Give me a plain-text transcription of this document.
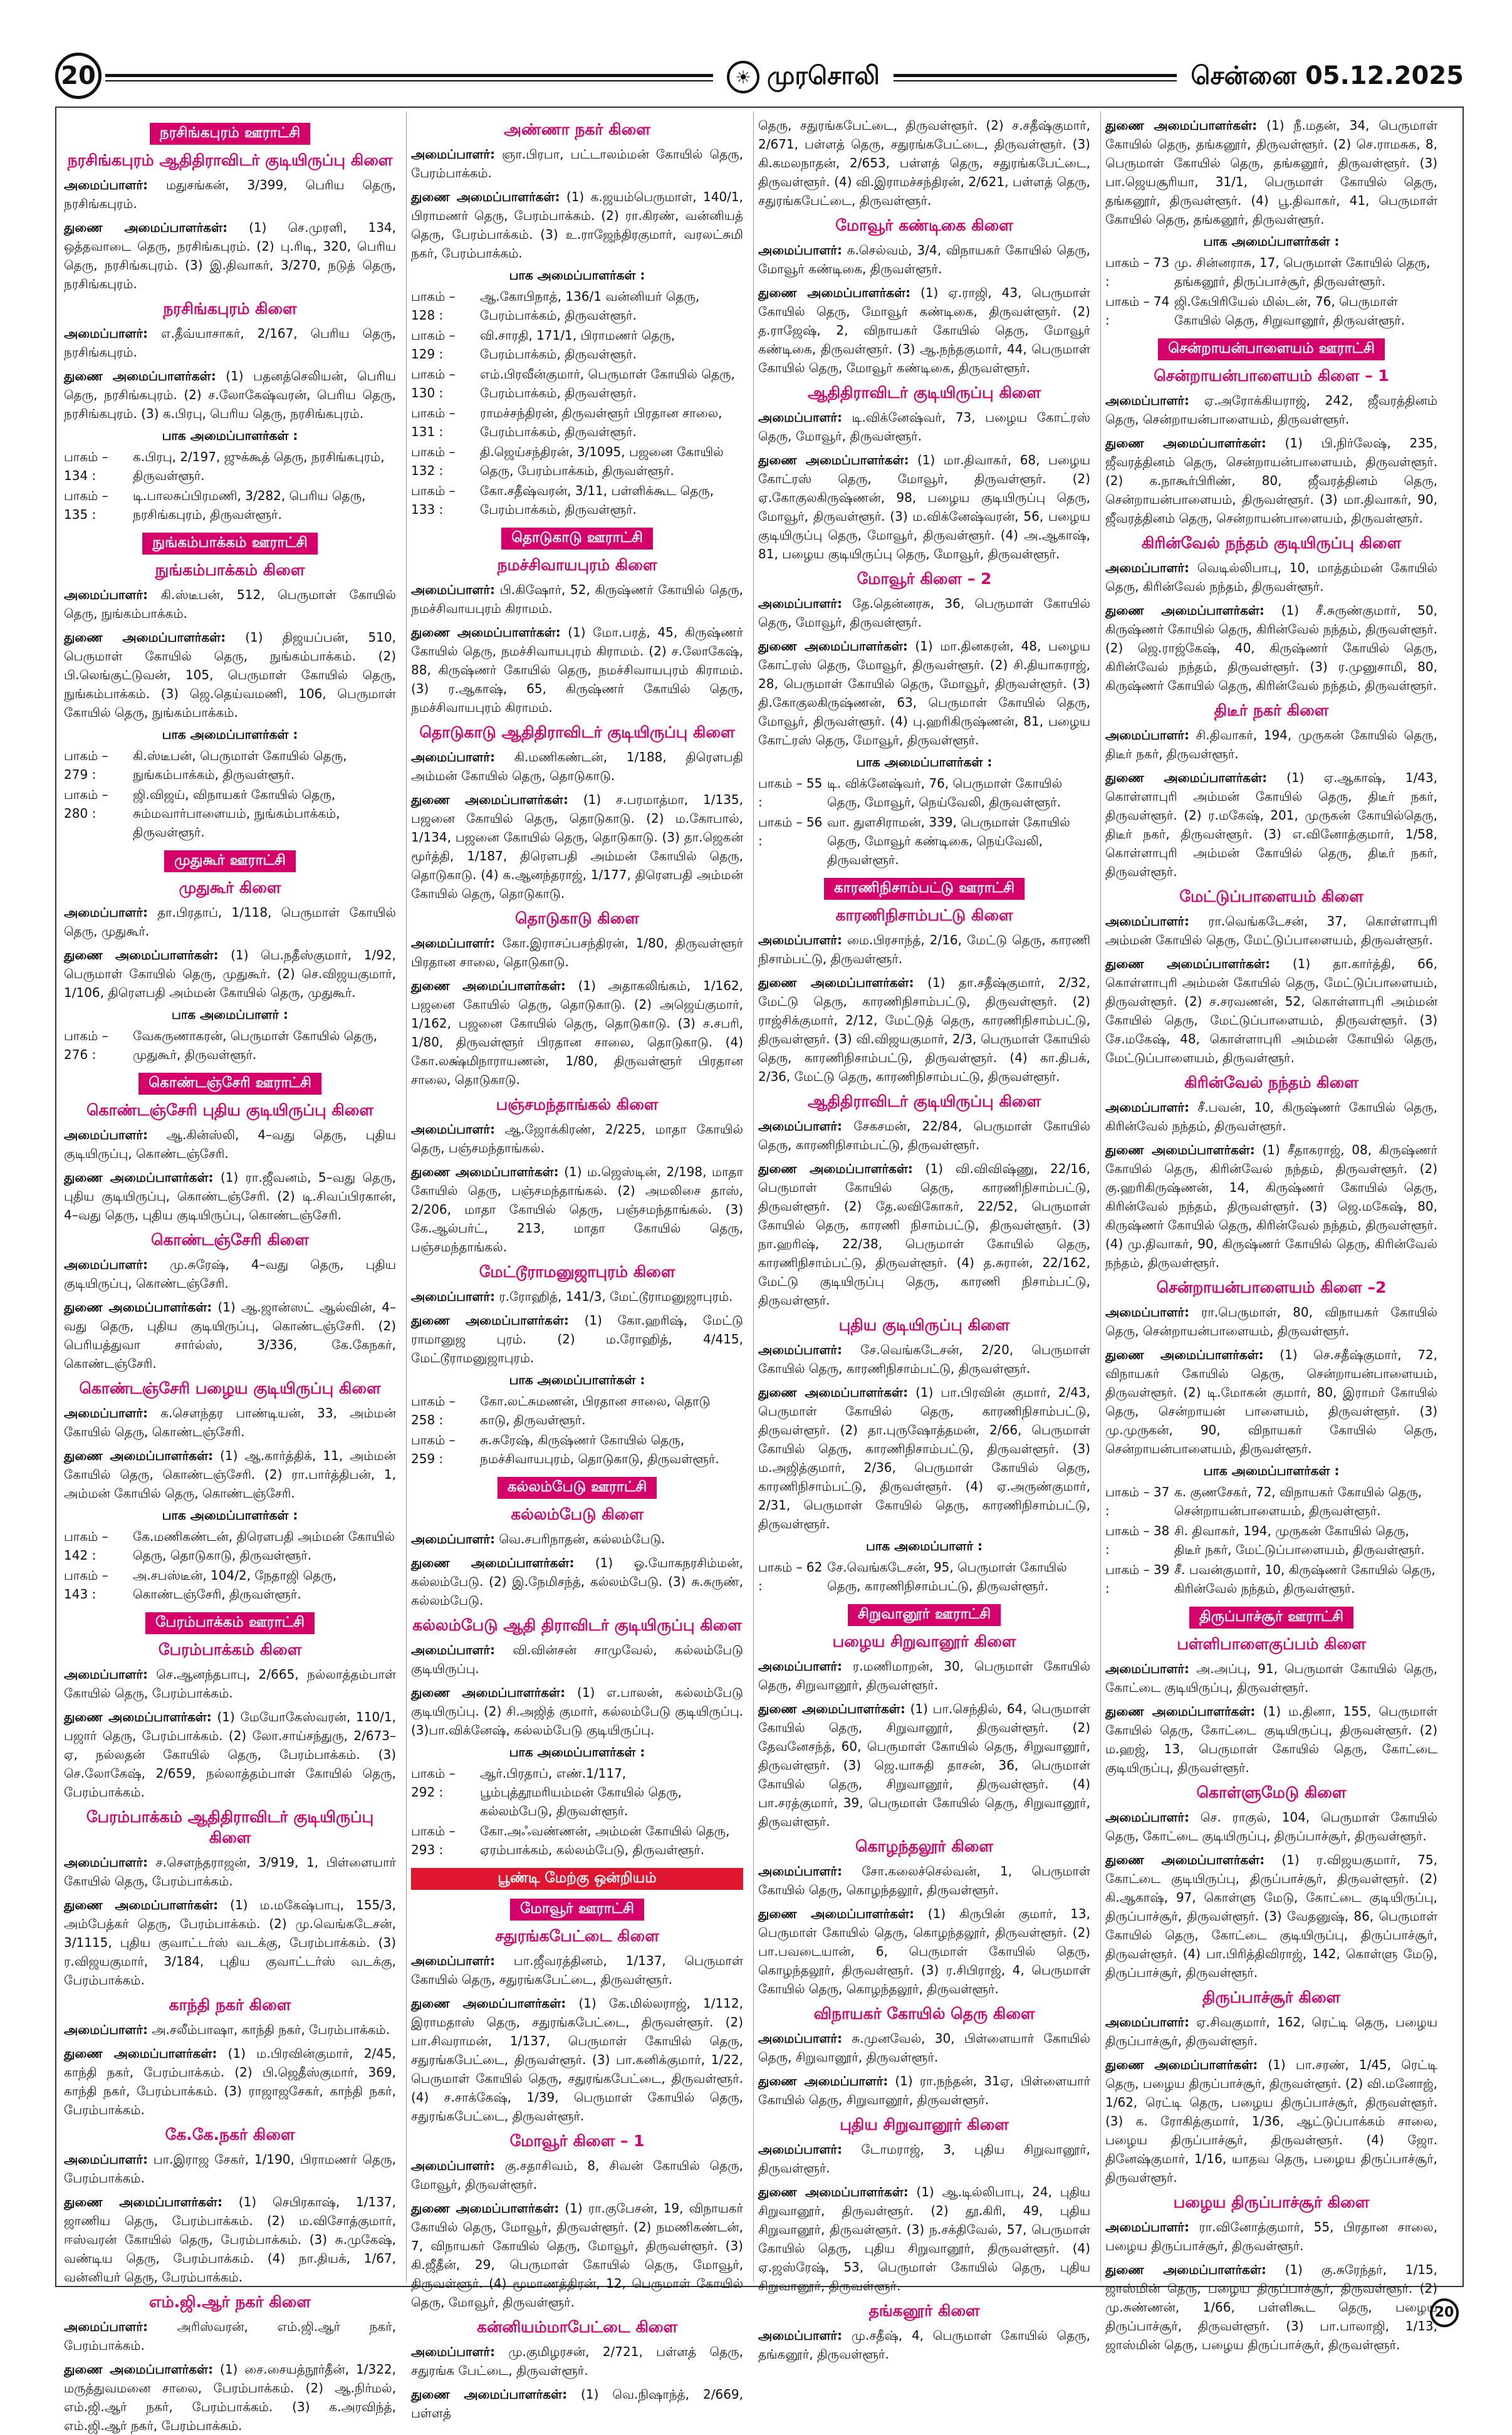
20	☀ முரசொலி	சென்னை 05.12.2025
நரசிங்கபுரம் ஊராட்சி
நரசிங்கபுரம் ஆதிதிராவிடர் குடியிருப்பு கிளை

அமைப்பாளர்: மதுசங்கன், 3/399, பெரிய தெரு, நரசிங்கபுரம்.

துணை அமைப்பாளர்கள்: (1) செ.முரளி, 134, ஒத்தவாடை தெரு, நரசிங்கபுரம். (2) பு.ரிடி, 320, பெரிய தெரு, நரசிங்கபுரம். (3) இ.திவாகர், 3/270, நடுத் தெரு, நரசிங்கபுரம்.

நரசிங்கபுரம் கிளை

அமைப்பாளர்: எ.தீவ்யாசாகர், 2/167, பெரிய தெரு, நரசிங்கபுரம்.

துணை அமைப்பாளர்கள்: (1) பதனத்செலியன், பெரிய தெரு, நரசிங்கபுரம். (2) ச.லோகேஷ்வரன், பெரிய தெரு, நரசிங்கபுரம். (3) க.பிரபு, பெரிய தெரு, நரசிங்கபுரம்.

பாக அமைப்பாளர்கள் :
பாகம் – 134 :
க.பிரபு, 2/197, ஜுக்கூத் தெரு, நரசிங்கபுரம், திருவள்ளூர்.
பாகம் – 135 :
டி.பாலசுப்பிரமணி, 3/282, பெரிய தெரு, நரசிங்கபுரம், திருவள்ளூர்.
நுங்கம்பாக்கம் ஊராட்சி
நுங்கம்பாக்கம் கிளை

அமைப்பாளர்: கி.ஸ்டீபன், 512, பெருமாள் கோயில் தெரு, நுங்கம்பாக்கம்.

துணை அமைப்பாளர்கள்: (1) திஜயப்பன், 510, பெருமாள் கோயில் தெரு, நுங்கம்பாக்கம். (2) பி.லெங்குட்டுவன், 105, பெருமாள் கோயில் தெரு, நுங்கம்பாக்கம். (3) ஜெ.தெய்வமணி, 106, பெருமாள் கோயில் தெரு, நுங்கம்பாக்கம்.

பாக அமைப்பாளர்கள் :
பாகம் – 279 :
கி.ஸ்டீபன், பெருமாள் கோயில் தெரு, நுங்கம்பாக்கம், திருவள்ளூர்.
பாகம் – 280 :
ஜி.விஜய், விநாயகர் கோயில் தெரு, சும்மவார்பாளையம், நுங்கம்பாக்கம், திருவள்ளூர்.
முதுகூர் ஊராட்சி
முதுகூர் கிளை

அமைப்பாளர்: தா.பிரதாப், 1/118, பெருமாள் கோயில் தெரு, முதுகூர்.

துணை அமைப்பாளர்கள்: (1) பெ.நதீஸ்குமார், 1/92, பெருமாள் கோயில் தெரு, முதுகூர். (2) செ.விஜயகுமார், 1/106, திரௌபதி அம்மன் கோயில் தெரு, முதுகூர்.

பாக அமைப்பாளர் :
பாகம் – 276 :
வேகருணாகரன், பெருமாள் கோயில் தெரு, முதுகூர், திருவள்ளூர்.
கொண்டஞ்சேரி ஊராட்சி
கொண்டஞ்சேரி புதிய குடியிருப்பு கிளை

அமைப்பாளர்: ஆ.கின்ஸ்லி, 4–வது தெரு, புதிய குடியிருப்பு, கொண்டஞ்சேரி.

துணை அமைப்பாளர்கள்: (1) ரா.ஜீவனம், 5–வது தெரு, புதிய குடியிருப்பு, கொண்டஞ்சேரி. (2) டி.சிவப்பிரகான், 4–வது தெரு, புதிய குடியிருப்பு, கொண்டஞ்சேரி.

கொண்டஞ்சேரி கிளை

அமைப்பாளர்: மு.சுரேஷ், 4–வது தெரு, புதிய குடியிருப்பு, கொண்டஞ்சேரி.

துணை அமைப்பாளர்கள்: (1) ஆ.ஜான்ஸட் ஆல்வின், 4–வது தெரு, புதிய குடியிருப்பு, கொண்டஞ்சேரி. (2) பெரியத்துவா சார்ல்ஸ், 3/336, கே.கேநகர், கொண்டஞ்சேரி.

கொண்டஞ்சேரி பழைய குடியிருப்பு கிளை

அமைப்பாளர்: க.சௌந்தர பாண்டியன், 33, அம்மன் கோயில் தெரு, கொண்டஞ்சேரி.

துணை அமைப்பாளர்கள்: (1) ஆ.கார்த்திக், 11, அம்மன் கோயில் தெரு, கொண்டஞ்சேரி. (2) ரா.பார்த்திபன், 1, அம்மன் கோயில் தெரு, கொண்டஞ்சேரி.

பாக அமைப்பாளர்கள் :
பாகம் – 142 :
கே.மணிகண்டன், திரௌபதி அம்மன் கோயில் தெரு, தொடுகாடு, திருவள்ளூர்.
பாகம் – 143 :
அ.சபஸ்டீன், 104/2, நேதாஜி தெரு, கொண்டஞ்சேரி, திருவள்ளூர்.
பேரம்பாக்கம் ஊராட்சி
பேரம்பாக்கம் கிளை

அமைப்பாளர்: செ.ஆனந்தபாபு, 2/665, நல்லாத்தம்பாள் கோயில் தெரு, பேரம்பாக்கம்.

துணை அமைப்பாளர்கள்: (1) மேயோகேஸ்வரன், 110/1, பஜார் தெரு, பேரம்பாக்கம். (2) லோ.சாய்சந்துரு, 2/673–ஏ, நல்லதன் கோயில் தெரு, பேரம்பாக்கம். (3) செ.லோகேஷ், 2/659, நல்லாத்தம்பாள் கோயில் தெரு, பேரம்பாக்கம்.

பேரம்பாக்கம் ஆதிதிராவிடர் குடியிருப்பு கிளை

அமைப்பாளர்: ச.சௌந்தராஜன், 3/919, 1, பிள்ளையார் கோயில் தெரு, பேரம்பாக்கம்.

துணை அமைப்பாளர்கள்: (1) ம.மகேஷ்பாபு, 155/3, அம்பேத்கர் தெரு, பேரம்பாக்கம். (2) மு.வெங்கடேசன், 3/1115, புதிய குவாட்டர்ஸ் வடக்கு, பேரம்பாக்கம். (3) ர.விஜயகுமார், 3/184, புதிய குவாட்டர்ஸ் வடக்கு, பேரம்பாக்கம்.

காந்தி நகர் கிளை

அமைப்பாளர்: அ.சலீம்பாஷா, காந்தி நகர், பேரம்பாக்கம்.

துணை அமைப்பாளர்கள்: (1) ம.பிரவின்குமார், 2/45, காந்தி நகர், பேரம்பாக்கம். (2) பி.ஜெதீஸ்குமார், 369, காந்தி நகர், பேரம்பாக்கம். (3) ராஜாஜசேகர், காந்தி நகர், பேரம்பாக்கம்.

கே.கே.நகர் கிளை

அமைப்பாளர்: பா.இராஜ சேகர், 1/190, பிராமணர் தெரு, பேரம்பாக்கம்.

துணை அமைப்பாளர்கள்: (1) செபிரகாஷ், 1/137, ஜாணிய தெரு, பேரம்பாக்கம். (2) ம.விசோத்குமார், ஈஸ்வரன் கோயில் தெரு, பேரம்பாக்கம். (3) சு.முகேஷ், வண்டிய தெரு, பேரம்பாக்கம். (4) நா.தியக், 1/67, வன்னியர் தெரு, பேரம்பாக்கம்.

எம்.ஜி.ஆர் நகர் கிளை

அமைப்பாளர்: அரிஸ்வரன், எம்.ஜி.ஆர் நகர், பேரம்பாக்கம்.

துணை அமைப்பாளர்கள்: (1) சை.சையத்நூர்தீன், 1/322, மருத்துவமனை சாலை, பேரம்பாக்கம். (2) ஆ.நிர்மல், எம்.ஜி.ஆர் நகர், பேரம்பாக்கம். (3) க.அரவிந்த், எம்.ஜி.ஆர் நகர், பேரம்பாக்கம்.

அண்ணா நகர் கிளை

அமைப்பாளர்: ஞா.பிரபா, பட்டாலம்மன் கோயில் தெரு, பேரம்பாக்கம்.

துணை அமைப்பாளர்கள்: (1) க.ஜயம்பெருமாள், 140/1, பிராமணர் தெரு, பேரம்பாக்கம். (2) ரா.கிரண், வன்னியத் தெரு, பேரம்பாக்கம். (3) உ.ராஜேந்திரகுமார், வரலட்சுமி நகர், பேரம்பாக்கம்.

பாக அமைப்பாளர்கள் :
பாகம் – 128 :
ஆ.கோபிநாத், 136/1 வன்னியர் தெரு, பேரம்பாக்கம், திருவள்ளூர்.
பாகம் – 129 :
வி.சாரதி, 171/1, பிராமணர் தெரு, பேரம்பாக்கம், திருவள்ளூர்.
பாகம் – 130 :
எம்.பிரவீன்குமார், பெருமாள் கோயில் தெரு, பேரம்பாக்கம், திருவள்ளூர்.
பாகம் – 131 :
ராமச்சந்திரன், திருவள்ளூர் பிரதான சாலை, பேரம்பாக்கம், திருவள்ளூர்.
பாகம் – 132 :
தி.ஜெய்சந்திரன், 3/1095, பஜனை கோயில் தெரு, பேரம்பாக்கம், திருவள்ளூர்.
பாகம் – 133 :
கோ.சதீஷ்வரன், 3/11, பள்ளிக்கூட தெரு, பேரம்பாக்கம், திருவள்ளூர்.
தொடுகாடு ஊராட்சி
நமச்சிவாயபுரம் கிளை

அமைப்பாளர்: பி.கிஷோர், 52, கிருஷ்ணர் கோயில் தெரு, நமச்சிவாயபுரம் கிராமம்.

துணை அமைப்பாளர்கள்: (1) மோ.பரத், 45, கிருஷ்ணர் கோயில் தெரு, நமச்சிவாயபுரம் கிராமம். (2) ச.லோகேஷ், 88, கிருஷ்ணர் கோயில் தெரு, நமச்சிவாயபுரம் கிராமம். (3) ர.ஆகாஷ், 65, கிருஷ்ணர் கோயில் தெரு, நமச்சிவாயபுரம் கிராமம்.

தொடுகாடு ஆதிதிராவிடர் குடியிருப்பு கிளை

அமைப்பாளர்: கி.மணிகண்டன், 1/188, திரௌபதி அம்மன் கோயில் தெரு, தொடுகாடு.

துணை அமைப்பாளர்கள்: (1) ச.பரமாத்மா, 1/135, பஜனை கோயில் தெரு, தொடுகாடு. (2) ம.கோபால், 1/134, பஜனை கோயில் தெரு, தொடுகாடு. (3) தா.ஜெகன் மூர்த்தி, 1/187, திரௌபதி அம்மன் கோயில் தெரு, தொடுகாடு. (4) க.ஆனந்தராஜ், 1/177, திரௌபதி அம்மன் கோயில் தெரு, தொடுகாடு.

தொடுகாடு கிளை

அமைப்பாளர்: கோ.இராசப்பசந்திரன், 1/80, திருவள்ளூர் பிரதான சாலை, தொடுகாடு.

துணை அமைப்பாளர்கள்: (1) அதாகலிங்கம், 1/162, பஜனை கோயில் தெரு, தொடுகாடு. (2) அஜெய்குமார், 1/162, பஜனை கோயில் தெரு, தொடுகாடு. (3) ச.சபரி, 1/80, திருவள்ளூர் பிரதான சாலை, தொடுகாடு. (4) கோ.லக்ஷ்மிநாராயணன், 1/80, திருவள்ளூர் பிரதான சாலை, தொடுகாடு.

பஞ்சமந்தாங்கல் கிளை

அமைப்பாளர்: ஆ.ஜோக்கிரண், 2/225, மாதா கோயில் தெரு, பஞ்சமந்தாங்கல்.

துணை அமைப்பாளர்கள்: (1) ம.ஜெஸ்டின், 2/198, மாதா கோயில் தெரு, பஞ்சமந்தாங்கல். (2) அமலிசை தாஸ், 2/206, மாதா கோயில் தெரு, பஞ்சமந்தாங்கல். (3) கே.ஆல்பர்ட், 213, மாதா கோயில் தெரு, பஞ்சமந்தாங்கல்.

மேட்டூராமனுஜாபுரம் கிளை

அமைப்பாளர்: ர.ரோஹித், 141/3, மேட்டூராமனுஜாபுரம்.

துணை அமைப்பாளர்கள்: (1) கோ.ஹரிஷ், மேட்டு ராமானுஜ புரம். (2) ம.ரோஹித், 4/415, மேட்டூராமனுஜாபுரம்.

பாக அமைப்பாளர்கள் :
பாகம் – 258 :
கோ.லட்சுமணன், பிரதான சாலை, தொடு காடு, திருவள்ளூர்.
பாகம் – 259 :
சு.சுரேஷ், கிருஷ்ணர் கோயில் தெரு, நமச்சிவாயபுரம், தொடுகாடு, திருவள்ளூர்.
கல்லம்பேடு ஊராட்சி
கல்லம்பேடு கிளை

அமைப்பாளர்: வெ.சபரிநாதன், கல்லம்பேடு.

துணை அமைப்பாளர்கள்: (1) ஓ.யோகநரசிம்மன், கல்லம்பேடு. (2) இ.நேமிசந்த், கல்லம்பேடு. (3) சு.சுருண், கல்லம்பேடு.

கல்லம்பேடு ஆதி திராவிடர் குடியிருப்பு கிளை

அமைப்பாளர்: வி.வின்சன் சாமுவேல், கல்லம்பேடு குடியிருப்பு.

துணை அமைப்பாளர்கள்: (1) எ.பாலன், கல்லம்பேடு குடியிருப்பு. (2) சி.அஜித் குமார், கல்லம்பேடு குடியிருப்பு. (3)பா.விக்னேஷ், கல்லம்பேடு குடியிருப்பு.

பாக அமைப்பாளர்கள் :
பாகம் – 292 :
ஆர்.பிரதாப், எண்.1/117, பூம்புத்தூமரியம்மன் கோயில் தெரு, கல்லம்பேடு, திருவள்ளூர்.
பாகம் – 293 :
கோ.அஃவண்ணன், அம்மன் கோயில் தெரு, ஏரம்பாக்கம், கல்லம்பேடு, திருவள்ளூர்.
பூண்டி மேற்கு ஒன்றியம்
மோவூர் ஊராட்சி
சதுரங்கபேட்டை கிளை

அமைப்பாளர்: பா.ஜீவரத்தினம், 1/137, பெருமாள் கோயில் தெரு, சதுரங்கபேட்டை, திருவள்ளூர்.

துணை அமைப்பாளர்கள்: (1) கே.மில்லராஜ், 1/112, இராமதாஸ் தெரு, சதுரங்கபேட்டை, திருவள்ளூர். (2) பா.சிவராமன், 1/137, பெருமாள் கோயில் தெரு, சதுரங்கபேட்டை, திருவள்ளூர். (3) பா.கனிக்குமார், 1/22, பெருமாள் கோயில் தெரு, சதுரங்கபேட்டை, திருவள்ளூர். (4) ச.சாக்கேஷ், 1/39, பெருமாள் கோயில் தெரு, சதுரங்கபேட்டை, திருவள்ளூர்.

மோவூர் கிளை – 1

அமைப்பாளர்: கு.சதாசிவம், 8, சிவன் கோயில் தெரு, மோவூர், திருவள்ளூர்.

துணை அமைப்பாளர்கள்: (1) ரா.குபேசன், 19, விநாயகர் கோயில் தெரு, மோவூர், திருவள்ளூர். (2) நமணிகண்டன், 7, விநாயகர் கோயில் தெரு, மோவூர், திருவள்ளூர். (3) கி.ஜீதீன், 29, பெருமாள் கோயில் தெரு, மோவூர், திருவள்ளூர். (4) மூமாணத்திரன், 12, பெருமாள் கோயில் தெரு, மோவூர், திருவள்ளூர்.

கன்னியம்மாபேட்டை கிளை

அமைப்பாளர்: மு.குமிழரசன், 2/721, பள்ளத் தெரு, சதுரங்க பேட்டை, திருவள்ளூர்.

துணை அமைப்பாளர்கள்: (1) வெ.நிஷாந்த், 2/669, பள்ளத்

தெரு, சதுரங்கபேட்டை, திருவள்ளூர். (2) ச.சதீஷ்குமார், 2/671, பள்ளத் தெரு, சதுரங்கபேட்டை, திருவள்ளூர். (3) கி.கமலநாதன், 2/653, பள்ளத் தெரு, சதுரங்கபேட்டை, திருவள்ளூர். (4) வி.இராமச்சந்திரன், 2/621, பள்ளத் தெரு, சதுரங்கபேட்டை, திருவள்ளூர்.

மோவூர் கண்டிகை கிளை

அமைப்பாளர்: க.செல்வம், 3/4, விநாயகர் கோயில் தெரு, மோவூர் கண்டிகை, திருவள்ளூர்.

துணை அமைப்பாளர்கள்: (1) ஏ.ராஜி, 43, பெருமாள் கோயில் தெரு, மோவூர் கண்டிகை, திருவள்ளூர். (2) த.ராஜேஷ், 2, விநாயகர் கோயில் தெரு, மோவூர் கண்டிகை, திருவள்ளூர். (3) ஆ.நந்தகுமார், 44, பெருமாள் கோயில் தெரு, மோவூர் கண்டிகை, திருவள்ளூர்.

ஆதிதிராவிடர் குடியிருப்பு கிளை

அமைப்பாளர்: டி.விக்னேஷ்வர், 73, பழைய கோட்ரஸ் தெரு, மோவூர், திருவள்ளூர்.

துணை அமைப்பாளர்கள்: (1) மா.திவாகர், 68, பழைய கோட்ரஸ் தெரு, மோவூர், திருவள்ளூர். (2) ஏ.கோகுலகிருஷ்ணன், 98, பழைய குடியிருப்பு தெரு, மோவூர், திருவள்ளூர். (3) ம.விக்னேஷ்வரன், 56, பழைய குடியிருப்பு தெரு, மோவூர், திருவள்ளூர். (4) அ.ஆகாஷ், 81, பழைய குடியிருப்பு தெரு, மோவூர், திருவள்ளூர்.

மோவூர் கிளை – 2

அமைப்பாளர்: தே.தென்னரசு, 36, பெருமாள் கோயில் தெரு, மோவூர், திருவள்ளூர்.

துணை அமைப்பாளர்கள்: (1) மா.தினகரன், 48, பழைய கோட்ரஸ் தெரு, மோவூர், திருவள்ளூர். (2) சி.தியாகராஜ், 28, பெருமாள் கோயில் தெரு, மோவூர், திருவள்ளூர். (3) தி.கோகுலகிருஷ்ணன், 63, பெருமாள் கோயில் தெரு, மோவூர், திருவள்ளூர். (4) பு.ஹரிகிருஷ்ணன், 81, பழைய கோட்ரஸ் தெரு, மோவூர், திருவள்ளூர்.

பாக அமைப்பாளர்கள் :
பாகம் – 55 :
டி. விக்னேஷ்வர், 76, பெருமாள் கோயில் தெரு, மோவூர், நெய்வேலி, திருவள்ளூர்.
பாகம் – 56 :
வா. துளசிராமன், 339, பெருமாள் கோயில் தெரு, மோவூர் கண்டிகை, நெய்வேலி, திருவள்ளூர்.
காரணிநிசாம்பட்டு ஊராட்சி
காரணிநிசாம்பட்டு கிளை

அமைப்பாளர்: மை.பிரசாந்த், 2/16, மேட்டு தெரு, காரணி நிசாம்பட்டு, திருவள்ளூர்.

துணை அமைப்பாளர்கள்: (1) தா.சதீஷ்குமார், 2/32, மேட்டு தெரு, காரணிநிசாம்பட்டு, திருவள்ளூர். (2) ராஜ்சிக்குமார், 2/12, மேட்டுத் தெரு, காரணிநிசாம்பட்டு, திருவள்ளூர். (3) வி.விஜயகுமார், 2/3, பெருமாள் கோயில் தெரு, காரணிநிசாம்பட்டு, திருவள்ளூர். (4) கா.திபக், 2/36, மேட்டு தெரு, காரணிநிசாம்பட்டு, திருவள்ளூர்.

ஆதிதிராவிடர் குடியிருப்பு கிளை

அமைப்பாளர்: சேகசமன், 22/84, பெருமாள் கோயில் தெரு, காரணிநிசாம்பட்டு, திருவள்ளூர்.

துணை அமைப்பாளர்கள்: (1) வி.விவிஷ்ணு, 22/16, பெருமாள் கோயில் தெரு, காரணிநிசாம்பட்டு, திருவள்ளூர். (2) தே.லவிகோகர், 22/52, பெருமாள் கோயில் தெரு, காரணி நிசாம்பட்டு, திருவள்ளூர். (3) நா.ஹரிஷ், 22/38, பெருமாள் கோயில் தெரு, காரணிநிசாம்பட்டு, திருவள்ளூர். (4) த.சுரான், 22/162, மேட்டு குடியிருப்பு தெரு, காரணி நிசாம்பட்டு, திருவள்ளூர்.

புதிய குடியிருப்பு கிளை

அமைப்பாளர்: சே.வெங்கடேசன், 2/20, பெருமாள் கோயில் தெரு, காரணிநிசாம்பட்டு, திருவள்ளூர்.

துணை அமைப்பாளர்கள்: (1) பா.பிரவின் குமார், 2/43, பெருமாள் கோயில் தெரு, காரணிநிசாம்பட்டு, திருவள்ளூர். (2) தா.புருஷோத்தமன், 2/66, பெருமாள் கோயில் தெரு, காரணிநிசாம்பட்டு, திருவள்ளூர். (3) ம.அஜித்குமார், 2/36, பெருமாள் கோயில் தெரு, காரணிநிசாம்பட்டு, திருவள்ளூர். (4) ஏ.அருண்குமார், 2/31, பெருமாள் கோயில் தெரு, காரணிநிசாம்பட்டு, திருவள்ளூர்.

பாக அமைப்பாளர் :
பாகம் – 62 :
சே.வெங்கடேசன், 95, பெருமாள் கோயில் தெரு, காரணிநிசாம்பட்டு, திருவள்ளூர்.
சிறுவானூர் ஊராட்சி
பழைய சிறுவானூர் கிளை

அமைப்பாளர்: ர.மணிமாறன், 30, பெருமாள் கோயில் தெரு, சிறுவானூர், திருவள்ளூர்.

துணை அமைப்பாளர்கள்: (1) பா.செந்தில், 64, பெருமாள் கோயில் தெரு, சிறுவானூர், திருவள்ளூர். (2) தேவனேசந்த், 60, பெருமாள் கோயில் தெரு, சிறுவானூர், திருவள்ளூர். (3) ஜெ.யாசுதி தாசன், 36, பெருமாள் கோயில் தெரு, சிறுவானூர், திருவள்ளூர். (4) பா.சரத்குமார், 39, பெருமாள் கோயில் தெரு, சிறுவானூர், திருவள்ளூர்.

கொழந்தலூர் கிளை

அமைப்பாளர்: சோ.கலைச்செல்வன், 1, பெருமாள் கோயில் தெரு, கொழந்தலூர், திருவள்ளூர்.

துணை அமைப்பாளர்கள்: (1) கிருபின் குமார், 13, பெருமாள் கோயில் தெரு, கொழந்தலூர், திருவள்ளூர். (2) பா.பவடையான், 6, பெருமாள் கோயில் தெரு, கொழந்தலூர், திருவள்ளூர். (3) ர.சிபிராஜ், 4, பெருமாள் கோயில் தெரு, கொழந்தலூர், திருவள்ளூர்.

விநாயகர் கோயில் தெரு கிளை

அமைப்பாளர்: சு.முனவேல், 30, பிள்ளையார் கோயில் தெரு, சிறுவானூர், திருவள்ளூர்.

துணை அமைப்பாளர்: (1) ரா.நந்தன், 31ஏ, பிள்ளையார் கோயில் தெரு, சிறுவானூர், திருவள்ளூர்.

புதிய சிறுவானூர் கிளை

அமைப்பாளர்: டோமராஜ், 3, புதிய சிறுவானூர், திருவள்ளூர்.

துணை அமைப்பாளர்கள்: (1) ஆ.டில்லிபாபு, 24, புதிய சிறுவானூர், திருவள்ளூர். (2) தூ.கிரி, 49, புதிய சிறுவானூர், திருவள்ளூர். (3) ந.சக்திவேல், 57, பெருமாள் கோயில் தெரு, புதிய சிறுவானூர், திருவள்ளூர். (4) ஏ.ஜஸ்ரேஷ், 53, பெருமாள் கோயில் தெரு, புதிய சிறுவானூர், திருவள்ளூர்.

தங்கனூர் கிளை

அமைப்பாளர்: மு.சதீஷ், 4, பெருமாள் கோயில் தெரு, தங்கனூர், திருவள்ளூர்.

துணை அமைப்பாளர்கள்: (1) நீ.மதன், 34, பெருமாள் கோயில் தெரு, தங்கனூர், திருவள்ளூர். (2) செ.ராமசுக, 8, பெருமாள் கோயில் தெரு, தங்கனூர், திருவள்ளூர். (3) பா.ஜெயசூரியா, 31/1, பெருமாள் கோயில் தெரு, தங்கனூர், திருவள்ளூர். (4) பூ.திவாகர், 41, பெருமாள் கோயில் தெரு, தங்கனூர், திருவள்ளூர்.

பாக அமைப்பாளர்கள் :
பாகம் – 73 :
மு. சின்னராசு, 17, பெருமாள் கோயில் தெரு, தங்கனூர், திருப்பாச்சூர், திருவள்ளூர்.
பாகம் – 74 :
ஜி.கேபிரியேல் மில்டன், 76, பெருமாள் கோயில் தெரு, சிறுவானூர், திருவள்ளூர்.
சென்றாயன்பாளையம் ஊராட்சி
சென்றாயன்பாளையம் கிளை – 1

அமைப்பாளர்: ஏ.அரோக்கியராஜ், 242, ஜீவரத்தினம் தெரு, சென்றாயன்பாளையம், திருவள்ளூர்.

துணை அமைப்பாளர்கள்: (1) பி.நிர்லேஷ், 235, ஜீவரத்தினம் தெரு, சென்றாயன்பாளையம், திருவள்ளூர். (2) க.நாகூர்பிரிண், 80, ஜீவரத்தினம் தெரு, சென்றாயன்பாளையம், திருவள்ளூர். (3) மா.திவாகர், 90, ஜீவரத்தினம் தெரு, சென்றாயன்பாளையம், திருவள்ளூர்.

கிரின்வேல் நந்தம் குடியிருப்பு கிளை

அமைப்பாளர்: வெடில்லிபாபு, 10, மாத்தம்மன் கோயில் தெரு, கிரின்வேல் நந்தம், திருவள்ளூர்.

துணை அமைப்பாளர்கள்: (1) சீ.சுருண்குமார், 50, கிருஷ்ணர் கோயில் தெரு, கிரின்வேல் நந்தம், திருவள்ளூர். (2) ஜெ.ராஜ்கேஷ், 40, கிருஷ்ணர் கோயில் தெரு, கிரின்வேல் நந்தம், திருவள்ளூர். (3) ர.முனுசாமி, 80, கிருஷ்ணர் கோயில் தெரு, கிரின்வேல் நந்தம், திருவள்ளூர்.

திடீர் நகர் கிளை

அமைப்பாளர்: சி.திவாகர், 194, முருகன் கோயில் தெரு, திடீர் நகர், திருவள்ளூர்.

துணை அமைப்பாளர்கள்: (1) ஏ.ஆகாஷ், 1/43, கொள்ளாபுரி அம்மன் கோயில் தெரு, திடீர் நகர், திருவள்ளூர். (2) ர.மகேஷ், 201, முருகன் கோயில்தெரு, திடீர் நகர், திருவள்ளூர். (3) எ.வினோத்குமார், 1/58, கொள்ளாபுரி அம்மன் கோயில் தெரு, திடீர் நகர், திருவள்ளூர்.

மேட்டுப்பாளையம் கிளை

அமைப்பாளர்: ரா.வெங்கடேசன், 37, கொள்ளாபுரி அம்மன் கோயில் தெரு, மேட்டுப்பாளையம், திருவள்ளூர்.

துணை அமைப்பாளர்கள்: (1) தா.கார்த்தி, 66, கொள்ளாபுரி அம்மன் கோயில் தெரு, மேட்டுப்பாளையம், திருவள்ளூர். (2) ச.சரவணன், 52, கொள்ளாபுரி அம்மன் கோயில் தெரு, மேட்டுப்பாளையம், திருவள்ளூர். (3) சே.மகேஷ், 48, கொள்ளாபுரி அம்மன் கோயில் தெரு, மேட்டுப்பாளையம், திருவள்ளூர்.

கிரின்வேல் நந்தம் கிளை

அமைப்பாளர்: சீ.பவன், 10, கிருஷ்ணர் கோயில் தெரு, கிரின்வேல் நந்தம், திருவள்ளூர்.

துணை அமைப்பாளர்கள்: (1) சீதாகராஜ், 08, கிருஷ்ணர் கோயில் தெரு, கிரின்வேல் நந்தம், திருவள்ளூர். (2) கு.ஹரிகிருஷ்ணன், 14, கிருஷ்ணர் கோயில் தெரு, கிரின்வேல் நந்தம், திருவள்ளூர். (3) ஜெ.மகேஷ், 80, கிருஷ்ணர் கோயில் தெரு, கிரின்வேல் நந்தம், திருவள்ளூர். (4) மு.திவாகர், 90, கிருஷ்ணர் கோயில் தெரு, கிரின்வேல் நந்தம், திருவள்ளூர்.

சென்றாயன்பாளையம் கிளை –2

அமைப்பாளர்: ரா.பெருமாள், 80, விநாயகர் கோயில் தெரு, சென்றாயன்பாளையம், திருவள்ளூர்.

துணை அமைப்பாளர்கள்: (1) செ.சதீஷ்குமார், 72, விநாயகர் கோயில் தெரு, சென்றாயன்பாளையம், திருவள்ளூர். (2) டி.மோகன் குமார், 80, இராமர் கோயில் தெரு, சென்றாயன் பாளையம், திருவள்ளூர். (3) மு.முருகன், 90, விநாயகர் கோயில் தெரு, சென்றாயன்பாளையம், திருவள்ளூர்.

பாக அமைப்பாளர்கள் :
பாகம் – 37 :
க. குணசேகர், 72, விநாயகர் கோயில் தெரு, சென்றாயன்பாளையம், திருவள்ளூர்.
பாகம் – 38 :
சி. திவாகர், 194, முருகன் கோயில் தெரு, திடீர் நகர், மேட்டுப்பாளையம், திருவள்ளூர்.
பாகம் – 39 :
சீ. பவன்குமார், 10, கிருஷ்ணர் கோயில் தெரு, கிரின்வேல் நந்தம், திருவள்ளூர்.
திருப்பாச்சூர் ஊராட்சி
பள்ளிபாளைகுப்பம் கிளை

அமைப்பாளர்: அ.அப்பு, 91, பெருமாள் கோயில் தெரு, கோட்டை குடியிருப்பு, திருவள்ளூர்.

துணை அமைப்பாளர்கள்: (1) ம.தினா, 155, பெருமாள் கோயில் தெரு, கோட்டை குடியிருப்பு, திருவள்ளூர். (2) ம.ஹஜ், 13, பெருமாள் கோயில் தெரு, கோட்டை குடியிருப்பு, திருவள்ளூர்.

கொள்ளுமேடு கிளை

அமைப்பாளர்: செ. ராகுல், 104, பெருமாள் கோயில் தெரு, கோட்டை குடியிருப்பு, திருப்பாச்சூர், திருவள்ளூர்.

துணை அமைப்பாளர்கள்: (1) ர.விஜயகுமார், 75, கோட்டை குடியிருப்பு, திருப்பாச்சூர், திருவள்ளூர். (2) கி.ஆகாஷ், 97, கொள்ளு மேடு, கோட்டை குடியிருப்பு, திருப்பாச்சூர், திருவள்ளூர். (3) வேதனுஷ், 86, பெருமாள் கோயில் தெரு, கோட்டை குடியிருப்பு, திருப்பாச்சூர், திருவள்ளூர். (4) பா.பிரித்திவிராஜ், 142, கொள்ளு மேடு, திருப்பாச்சூர், திருவள்ளூர்.

திருப்பாச்சூர் கிளை

அமைப்பாளர்: ஏ.சிவகுமார், 162, ரெட்டி தெரு, பழைய திருப்பாச்சூர், திருவள்ளூர்.

துணை அமைப்பாளர்கள்: (1) பா.சரண், 1/45, ரெட்டி தெரு, பழைய திருப்பாச்சூர், திருவள்ளூர். (2) வி.மனோஜ், 1/62, ரெட்டி தெரு, பழைய திருப்பாச்சூர், திருவள்ளூர். (3) க. ரோகித்குமார், 1/36, ஆட்டுப்பாக்கம் சாலை, பழைய திருப்பாச்சூர், திருவள்ளூர். (4) ஜோ. தினேஷ்குமார், 1/16, யாதவ தெரு, பழைய திருப்பாச்சூர், திருவள்ளூர்.

பழைய திருப்பாச்சூர் கிளை

அமைப்பாளர்: ரா.வினோத்குமார், 55, பிரதான சாலை, பழைய திருப்பாச்சூர், திருவள்ளூர்.

துணை அமைப்பாளர்கள்: (1) கு.சுரேந்தர், 1/15, ஜாஸ்மின் தெரு, பழைய திருப்பாச்சூர், திருவள்ளூர். (2) மு.சுண்ணன், 1/66, பள்ளிகூட தெரு, பழைய திருப்பாச்சூர், திருவள்ளூர். (3) பா.பாலாஜி, 1/13, ஜாஸ்மின் தெரு, பழைய திருப்பாச்சூர், திருவள்ளூர்.

20
